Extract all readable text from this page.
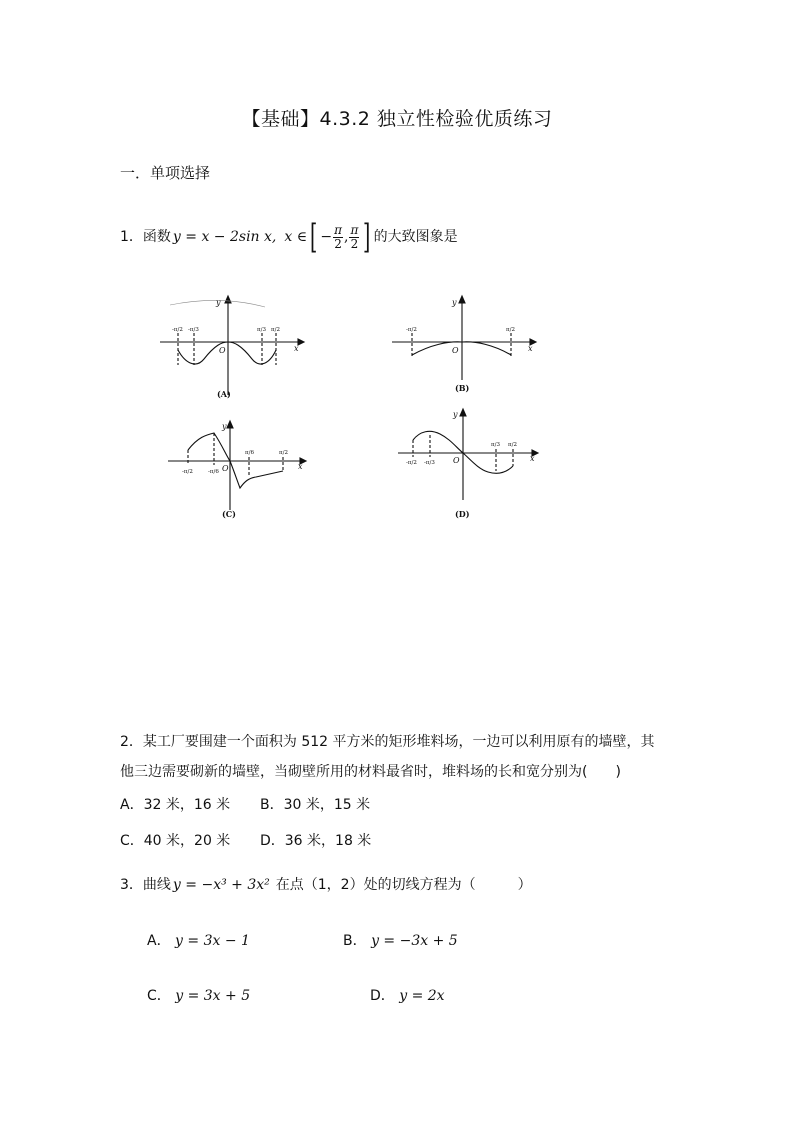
【基础】4.3.2 独立性检验优质练习
一．单项选择
1． 函数 y = x − 2sin x, x ∈ [ − $\frac{\pi}{2}$ , $\frac{\pi}{2}$ ] 的大致图象是
y
x
O
y
x
O
y
x
O
y
x
O
-π/2 -π/3	π/3 π/2	-π/2	π/2
-π/2	-π/6
π/6	π/2
-π/2 -π/3
π/3 π/2
(A)
(B)
(C)	(D)
2．某工厂要围建一个面积为 512 平方米的矩形堆料场，一边可以利用原有的墙壁，其
他三边需要砌新的墙壁，当砌壁所用的材料最省时，堆料场的长和宽分别为(　　)
A．32 米，16 米 B．30 米，15 米
C．40 米，20 米 D．36 米，18 米
3． 曲线 y = −x³ + 3x² 在点（1，2）处的切线方程为（　　　）
A． y = 3x − 1	B． y = −3x + 5
C． y = 3x + 5	D． y = 2x
